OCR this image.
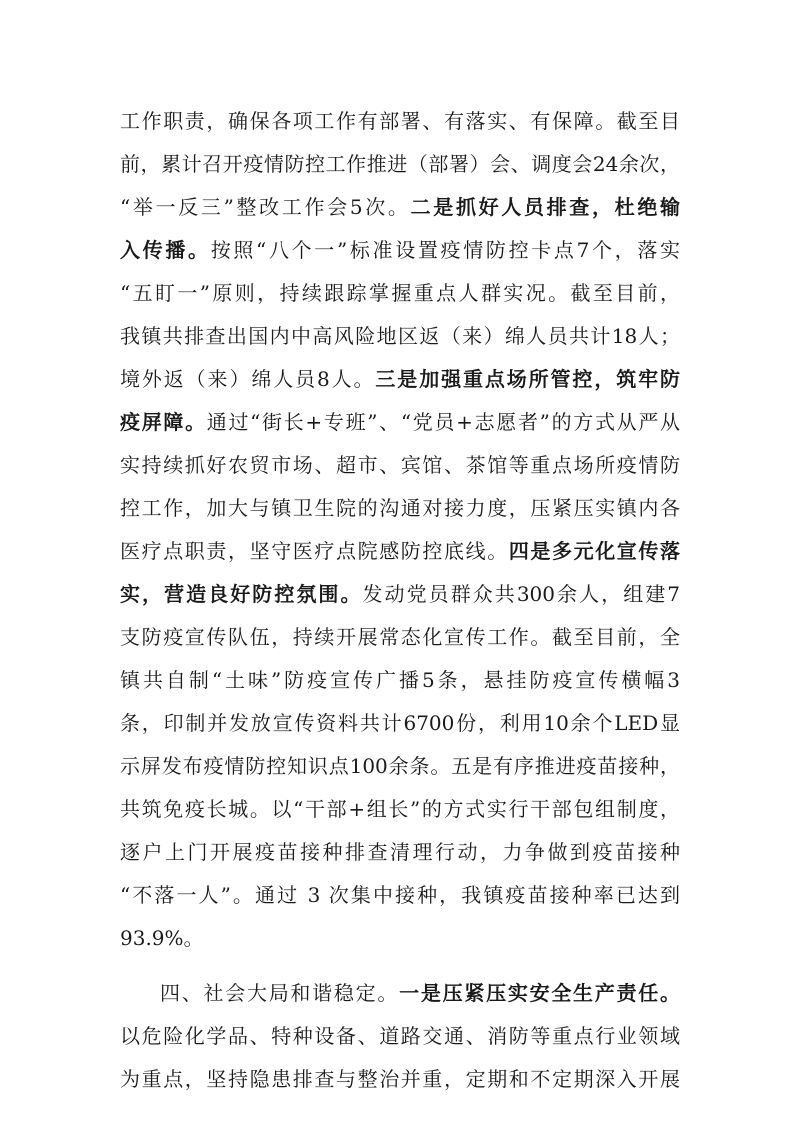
工作职责，确保各项工作有部署、有落实、有保障。截至目
前，累计召开疫情防控工作推进（部署）会、调度会24余次，
“举一反三”整改工作会5次。二是抓好人员排查，杜绝输
入传播。按照“八个一”标准设置疫情防控卡点7个，落实
“五盯一”原则，持续跟踪掌握重点人群实况。截至目前，
我镇共排查出国内中高风险地区返（来）绵人员共计18人；
境外返（来）绵人员8人。三是加强重点场所管控，筑牢防
疫屏障。通过“街长+专班”、“党员+志愿者”的方式从严从
实持续抓好农贸市场、超市、宾馆、茶馆等重点场所疫情防
控工作，加大与镇卫生院的沟通对接力度，压紧压实镇内各
医疗点职责，坚守医疗点院感防控底线。四是多元化宣传落
实，营造良好防控氛围。发动党员群众共300余人，组建7
支防疫宣传队伍，持续开展常态化宣传工作。截至目前，全
镇共自制“土味”防疫宣传广播5条，悬挂防疫宣传横幅3
条，印制并发放宣传资料共计6700份，利用10余个LED显
示屏发布疫情防控知识点100余条。五是有序推进疫苗接种，
共筑免疫长城。以“干部+组长”的方式实行干部包组制度，
逐户上门开展疫苗接种排查清理行动，力争做到疫苗接种
“不落一人”。通过 3 次集中接种，我镇疫苗接种率已达到
93.9%。
四、社会大局和谐稳定。一是压紧压实安全生产责任。
以危险化学品、特种设备、道路交通、消防等重点行业领域
为重点，坚持隐患排查与整治并重，定期和不定期深入开展
